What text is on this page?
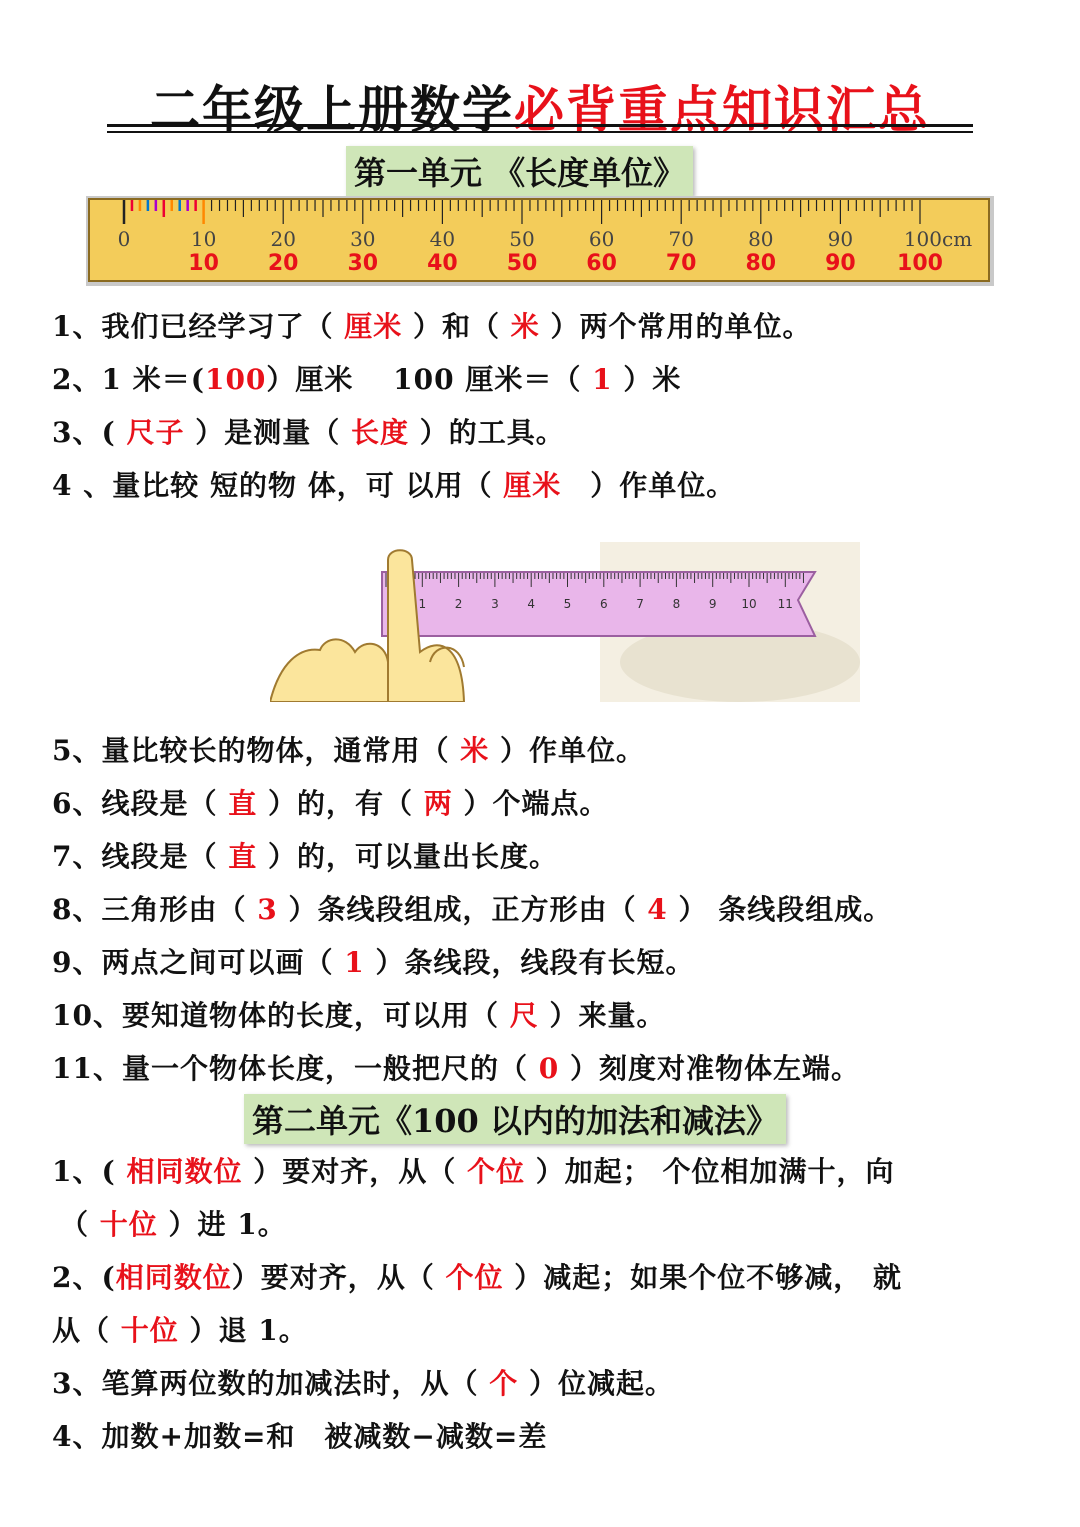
二年级上册数学必背重点知识汇总
第一单元 《长度单位》
0	10	20	30	40	50	60	70	80	90	100cm
10 20 30 40 50 60 70 80 90 100
1、我们已经学习了（ 厘米 ）和（ 米 ）两个常用的单位。
2、1 米＝(100）厘米　 100 厘米＝（ 1 ）米
3、( 尺子 ）是测量（ 长度 ）的工具。
4 、量比较 短的物 体，可 以用（ 厘米　）作单位。
1 2 3 4 5 6 7 8 9 10 11
5、量比较长的物体，通常用（ 米 ）作单位。
6、线段是（ 直 ）的，有（ 两 ）个端点。
7、线段是（ 直 ）的，可以量出长度。
8、三角形由（ 3 ）条线段组成，正方形由（ 4 ） 条线段组成。
9、两点之间可以画（ 1 ）条线段，线段有长短。
10、要知道物体的长度，可以用（ 尺 ）来量。
11、量一个物体长度，一般把尺的（ 0 ）刻度对准物体左端。
第二单元《100 以内的加法和减法》
1、( 相同数位 ）要对齐，从（ 个位 ）加起； 个位相加满十，向
（ 十位 ）进 1。
2、(相同数位）要对齐，从（ 个位 ）减起；如果个位不够减， 就
从（ 十位 ）退 1。
3、笔算两位数的加减法时，从（ 个 ）位减起。
4、加数+加数=和　被减数−减数=差
